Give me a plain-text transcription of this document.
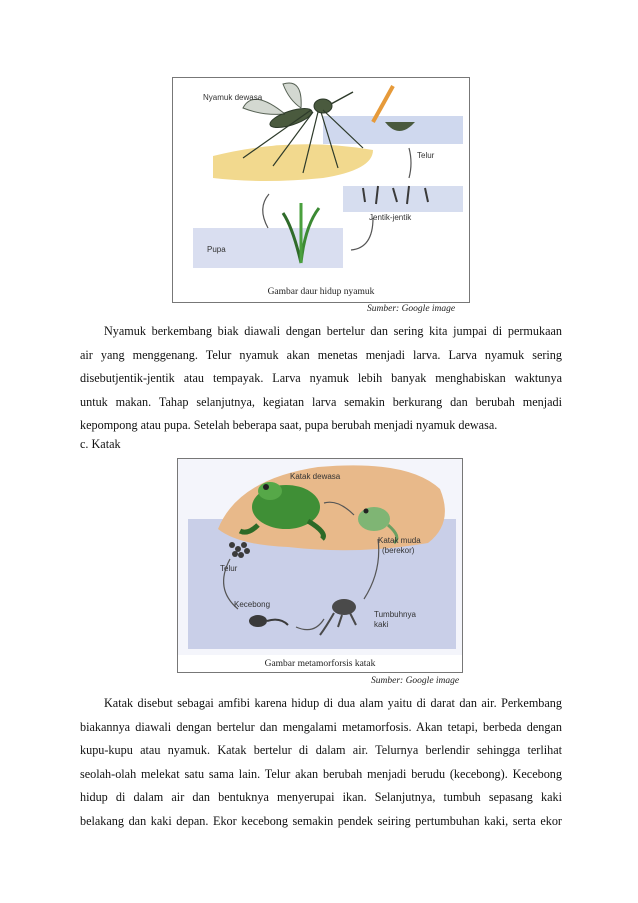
Nyamuk dewasa
Telur
Jentik-jentik
Pupa
Gambar daur hidup nyamuk
Sumber: Google image

Nyamuk berkembang biak diawali dengan bertelur dan sering kita jumpai di permukaan
air yang menggenang. Telur nyamuk akan menetas menjadi larva. Larva nyamuk sering
disebutjentik-jentik atau tempayak. Larva nyamuk lebih banyak menghabiskan waktunya
untuk makan. Tahap selanjutnya, kegiatan larva semakin berkurang dan berubah menjadi
kepompong atau pupa. Setelah beberapa saat, pupa berubah menjadi nyamuk dewasa.

c. Katak

Katak dewasa
Katak muda
(berekor)
Telur
Kecebong
Tumbuhnya
kaki
Gambar metamorforsis katak
Sumber: Google image

Katak disebut sebagai amfibi karena hidup di dua alam yaitu di darat dan air. Perkembang
biakannya diawali dengan bertelur dan mengalami metamorfosis. Akan tetapi, berbeda dengan
kupu-kupu atau nyamuk. Katak bertelur di dalam air. Telurnya berlendir sehingga terlihat
seolah-olah melekat satu sama lain. Telur akan berubah menjadi berudu (kecebong). Kecebong
hidup di dalam air dan bentuknya menyerupai ikan. Selanjutnya, tumbuh sepasang kaki
belakang dan kaki depan. Ekor kecebong semakin pendek seiring pertumbuhan kaki, serta ekor
